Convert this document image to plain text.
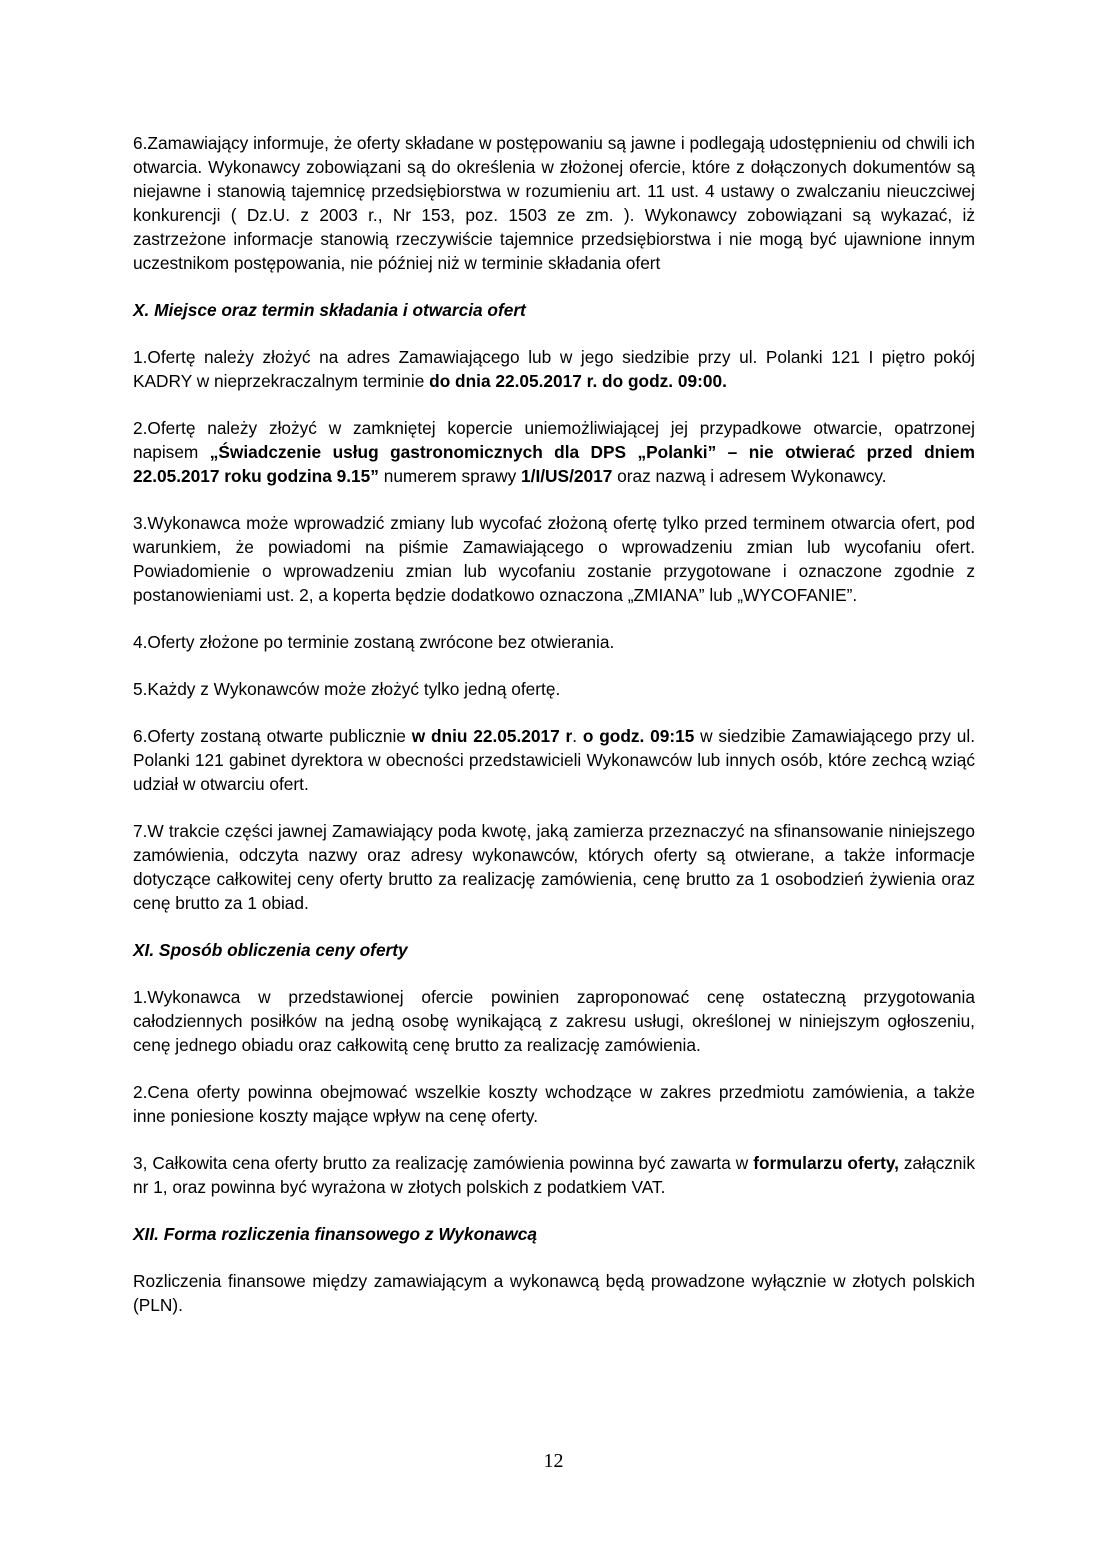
6.Zamawiający informuje, że oferty składane w postępowaniu są jawne i podlegają udostępnieniu od chwili ich otwarcia. Wykonawcy zobowiązani są do określenia w złożonej ofercie, które z dołączonych dokumentów są niejawne i stanowią tajemnicę przedsiębiorstwa w rozumieniu art. 11 ust. 4 ustawy o zwalczaniu nieuczciwej konkurencji ( Dz.U. z 2003 r., Nr 153, poz. 1503 ze zm. ). Wykonawcy zobowiązani są wykazać, iż zastrzeżone informacje stanowią rzeczywiście tajemnice przedsiębiorstwa i nie mogą być ujawnione innym uczestnikom postępowania, nie później niż w terminie składania ofert

X. Miejsce oraz termin składania i otwarcia ofert

1.Ofertę należy złożyć na adres Zamawiającego lub w jego siedzibie przy ul. Polanki 121 I piętro pokój KADRY w nieprzekraczalnym terminie do dnia 22.05.2017 r. do godz. 09:00.

2.Ofertę należy złożyć w zamkniętej kopercie uniemożliwiającej jej przypadkowe otwarcie, opatrzonej napisem „Świadczenie usług gastronomicznych dla DPS „Polanki” – nie otwierać przed dniem 22.05.2017 roku godzina 9.15” numerem sprawy 1/I/US/2017 oraz nazwą i adresem Wykonawcy.

3.Wykonawca może wprowadzić zmiany lub wycofać złożoną ofertę tylko przed terminem otwarcia ofert, pod warunkiem, że powiadomi na piśmie Zamawiającego o wprowadzeniu zmian lub wycofaniu ofert. Powiadomienie o wprowadzeniu zmian lub wycofaniu zostanie przygotowane i oznaczone zgodnie z postanowieniami ust. 2, a koperta będzie dodatkowo oznaczona „ZMIANA” lub „WYCOFANIE”.

4.Oferty złożone po terminie zostaną zwrócone bez otwierania.

5.Każdy z Wykonawców może złożyć tylko jedną ofertę.

6.Oferty zostaną otwarte publicznie w dniu 22.05.2017 r. o godz. 09:15 w siedzibie Zamawiającego przy ul. Polanki 121 gabinet dyrektora w obecności przedstawicieli Wykonawców lub innych osób, które zechcą wziąć udział w otwarciu ofert.

7.W trakcie części jawnej Zamawiający poda kwotę, jaką zamierza przeznaczyć na sfinansowanie niniejszego zamówienia, odczyta nazwy oraz adresy wykonawców, których oferty są otwierane, a także informacje dotyczące całkowitej ceny oferty brutto za realizację zamówienia, cenę brutto za 1 osobodzień żywienia oraz cenę brutto za 1 obiad.

XI. Sposób obliczenia ceny oferty

1.Wykonawca w przedstawionej ofercie powinien zaproponować cenę ostateczną przygotowania całodziennych posiłków na jedną osobę wynikającą z zakresu usługi, określonej w niniejszym ogłoszeniu, cenę jednego obiadu oraz całkowitą cenę brutto za realizację zamówienia.

2.Cena oferty powinna obejmować wszelkie koszty wchodzące w zakres przedmiotu zamówienia, a także inne poniesione koszty mające wpływ na cenę oferty.

3, Całkowita cena oferty brutto za realizację zamówienia powinna być zawarta w formularzu oferty, załącznik nr 1, oraz powinna być wyrażona w złotych polskich z podatkiem VAT.

XII. Forma rozliczenia finansowego z Wykonawcą

Rozliczenia finansowe między zamawiającym a wykonawcą będą prowadzone wyłącznie w złotych polskich (PLN).

12
